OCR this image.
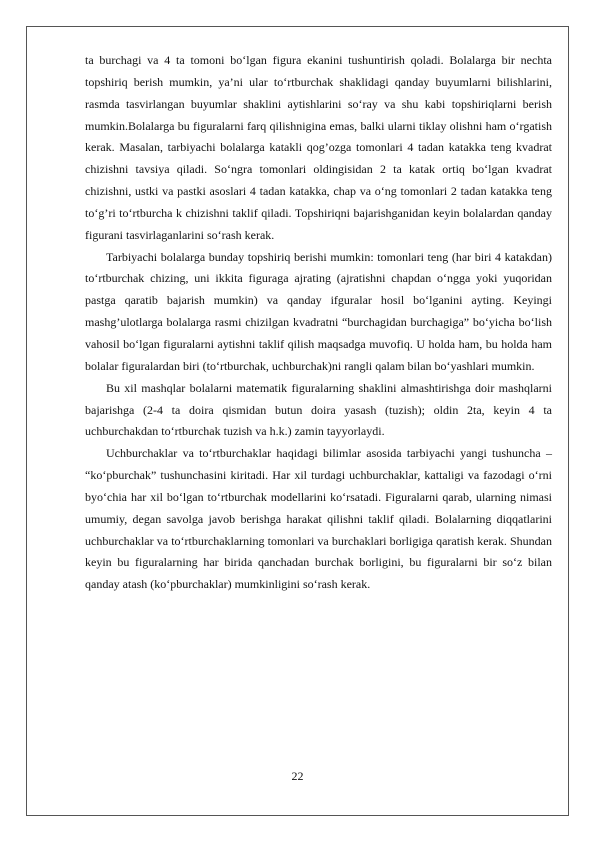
ta burchagi va 4 ta tomoni bo‘lgan figura ekanini tushuntirish qoladi. Bolalarga bir nechta topshiriq berish mumkin, ya’ni ular to‘rtburchak shaklidagi qanday buyumlarni bilishlarini, rasmda tasvirlangan buyumlar shaklini aytishlarini so‘ray va shu kabi topshiriqlarni berish mumkin.Bolalarga bu figuralarni farq qilishnigina emas, balki ularni tiklay olishni ham o‘rgatish kerak. Masalan, tarbiyachi bolalarga katakli qog’ozga tomonlari 4 tadan katakka teng kvadrat chizishni tavsiya qiladi. So‘ngra tomonlari oldingisidan 2 ta katak ortiq bo‘lgan kvadrat chizishni, ustki va pastki asoslari 4 tadan katakka, chap va o‘ng tomonlari 2 tadan katakka teng to‘g’ri to‘rtburcha k chizishni taklif qiladi. Topshiriqni bajarishganidan keyin bolalardan qanday figurani tasvirlaganlarini so‘rash kerak.

Tarbiyachi bolalarga bunday topshiriq berishi mumkin: tomonlari teng (har biri 4 katakdan) to‘rtburchak chizing, uni ikkita figuraga ajrating (ajratishni chapdan o‘ngga yoki yuqoridan pastga qaratib bajarish mumkin) va qanday ifguralar hosil bo‘lganini ayting. Keyingi mashg’ulotlarga bolalarga rasmi chizilgan kvadratni “burchagidan burchagiga” bo‘yicha bo‘lish vahosil bo‘lgan figuralarni aytishni taklif qilish maqsadga muvofiq. U holda ham, bu holda ham bolalar figuralardan biri (to‘rtburchak, uchburchak)ni rangli qalam bilan bo‘yashlari mumkin.

Bu xil mashqlar bolalarni matematik figuralarning shaklini almashtirishga doir mashqlarni bajarishga (2-4 ta doira qismidan butun doira yasash (tuzish); oldin 2ta, keyin 4 ta uchburchakdan to‘rtburchak tuzish va h.k.) zamin tayyorlaydi.

Uchburchaklar va to‘rtburchaklar haqidagi bilimlar asosida tarbiyachi yangi tushuncha – “ko‘pburchak” tushunchasini kiritadi. Har xil turdagi uchburchaklar, kattaligi va fazodagi o‘rni byo‘chia har xil bo‘lgan to‘rtburchak modellarini ko‘rsatadi. Figuralarni qarab, ularning nimasi umumiy, degan savolga javob berishga harakat qilishni taklif qiladi. Bolalarning diqqatlarini uchburchaklar va to‘rtburchaklarning tomonlari va burchaklari borligiga qaratish kerak. Shundan keyin bu figuralarning har birida qanchadan burchak borligini, bu figuralarni bir so‘z bilan qanday atash (ko‘pburchaklar) mumkinligini so‘rash kerak.

22
